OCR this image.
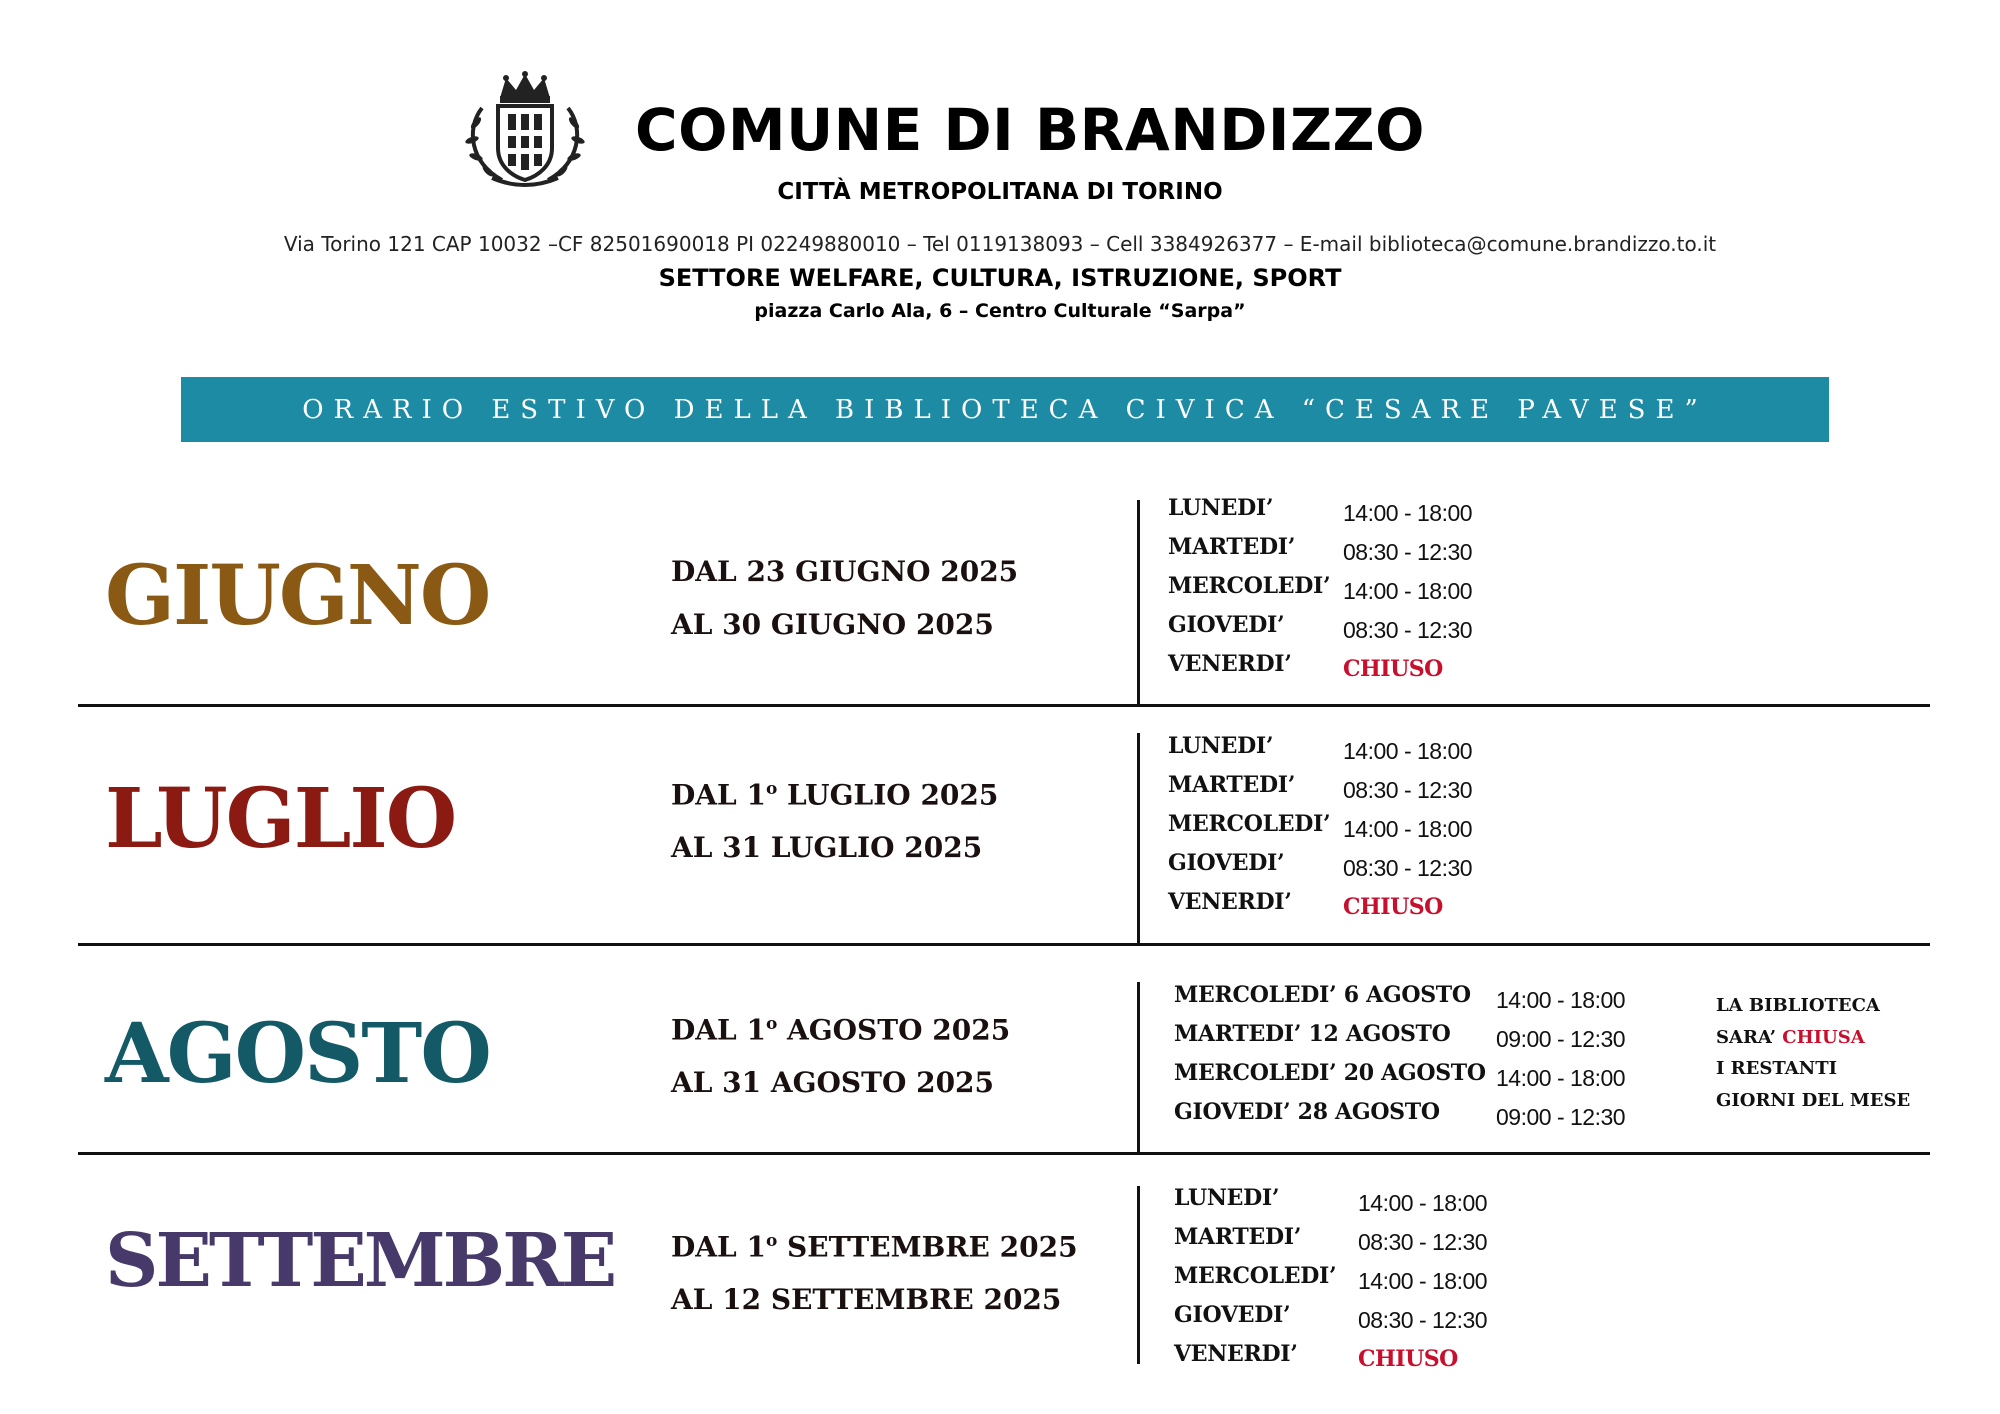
COMUNE DI BRANDIZZO
CITTÀ METROPOLITANA DI TORINO
Via Torino 121 CAP 10032 –CF 82501690018 PI 02249880010 – Tel 0119138093 – Cell 3384926377 – E-mail biblioteca@comune.brandizzo.to.it
SETTORE WELFARE, CULTURA, ISTRUZIONE, SPORT
piazza Carlo Ala, 6 – Centro Culturale “Sarpa”
ORARIO ESTIVO DELLA BIBLIOTECA CIVICA “CESARE PAVESE”
GIUGNO	DAL 23 GIUGNO 2025
AL 30 GIUGNO 2025
LUNEDI’	14:00 - 18:00
MARTEDI’ 08:30 - 12:30
MERCOLEDI’ 14:00 - 18:00
GIOVEDI’	08:30 - 12:30
VENERDI’ CHIUSO
LUGLIO	DAL 1$^o$ LUGLIO 2025
AL 31 LUGLIO 2025
LUNEDI’	14:00 - 18:00
MARTEDI’ 08:30 - 12:30
MERCOLEDI’ 14:00 - 18:00
GIOVEDI’	08:30 - 12:30
VENERDI’ CHIUSO
AGOSTO	DAL 1$^o$ AGOSTO 2025
AL 31 AGOSTO 2025
MERCOLEDI’ 6 AGOSTO 14:00 - 18:00
MARTEDI’ 12 AGOSTO 09:00 - 12:30
MERCOLEDI’ 20 AGOSTO 14:00 - 18:00
GIOVEDI’ 28 AGOSTO 09:00 - 12:30
LA BIBLIOTECA
SARA’ CHIUSA
I RESTANTI
GIORNI DEL MESE
SETTEMBRE DAL 1$^o$ SETTEMBRE 2025
AL 12 SETTEMBRE 2025
LUNEDI’	14:00 - 18:00
MARTEDI’ 08:30 - 12:30
MERCOLEDI’ 14:00 - 18:00
GIOVEDI’	08:30 - 12:30
VENERDI’	CHIUSO
